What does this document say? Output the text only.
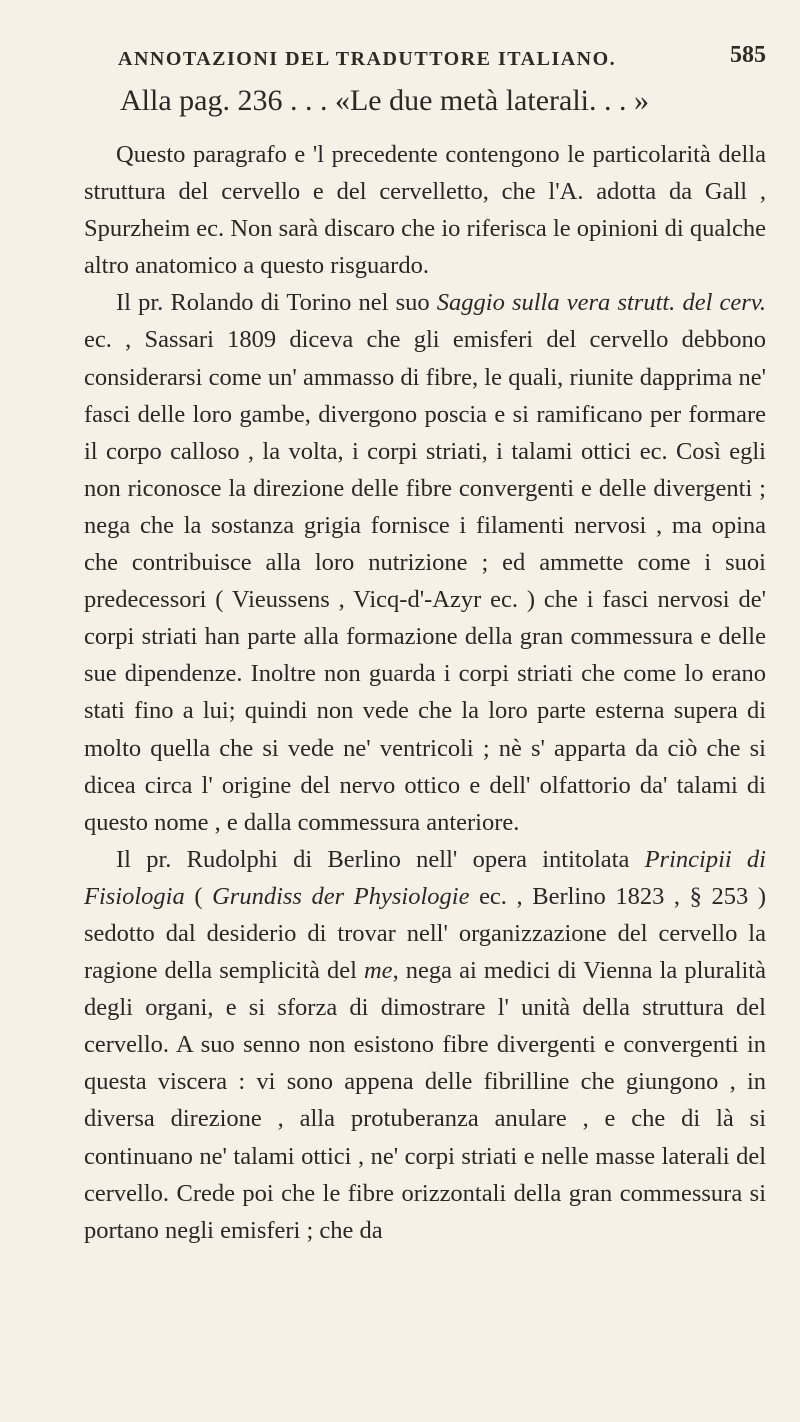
ANNOTAZIONI DEL TRADUTTORE ITALIANO.	585
Alla pag. 236 . . . «Le due metà laterali. . . »

Questo paragrafo e 'l precedente contengono le particolarità della struttura del cervello e del cervelletto, che l'A. adotta da Gall , Spurzheim ec. Non sarà discaro che io riferisca le opinioni di qualche altro anatomico a questo risguardo.

Il pr. Rolando di Torino nel suo Saggio sulla vera strutt. del cerv. ec. , Sassari 1809 diceva che gli emisferi del cervello debbono considerarsi come un' ammasso di fibre, le quali, riunite dapprima ne' fasci delle loro gambe, divergono poscia e si ramificano per formare il corpo calloso , la volta, i corpi striati, i talami ottici ec. Così egli non riconosce la direzione delle fibre convergenti e delle divergenti ; nega che la sostanza grigia fornisce i filamenti nervosi , ma opina che contribuisce alla loro nutrizione ; ed ammette come i suoi predecessori ( Vieussens , Vicq-d'-Azyr ec. ) che i fasci nervosi de' corpi striati han parte alla formazione della gran commessura e delle sue dipendenze. Inoltre non guarda i corpi striati che come lo erano stati fino a lui; quindi non vede che la loro parte esterna supera di molto quella che si vede ne' ventricoli ; nè s' apparta da ciò che si dicea circa l' origine del nervo ottico e dell' olfattorio da' talami di questo nome , e dalla commessura anteriore.

Il pr. Rudolphi di Berlino nell' opera intitolata Principii di Fisiologia ( Grundiss der Physiologie ec. , Berlino 1823 , § 253 ) sedotto dal desiderio di trovar nell' organizzazione del cervello la ragione della semplicità del me, nega ai medici di Vienna la pluralità degli organi, e si sforza di dimostrare l' unità della struttura del cervello. A suo senno non esistono fibre divergenti e convergenti in questa viscera : vi sono appena delle fibrilline che giungono , in diversa direzione , alla protuberanza anulare , e che di là si continuano ne' talami ottici , ne' corpi striati e nelle masse laterali del cervello. Crede poi che le fibre orizzontali della gran commessura si portano negli emisferi ; che da
